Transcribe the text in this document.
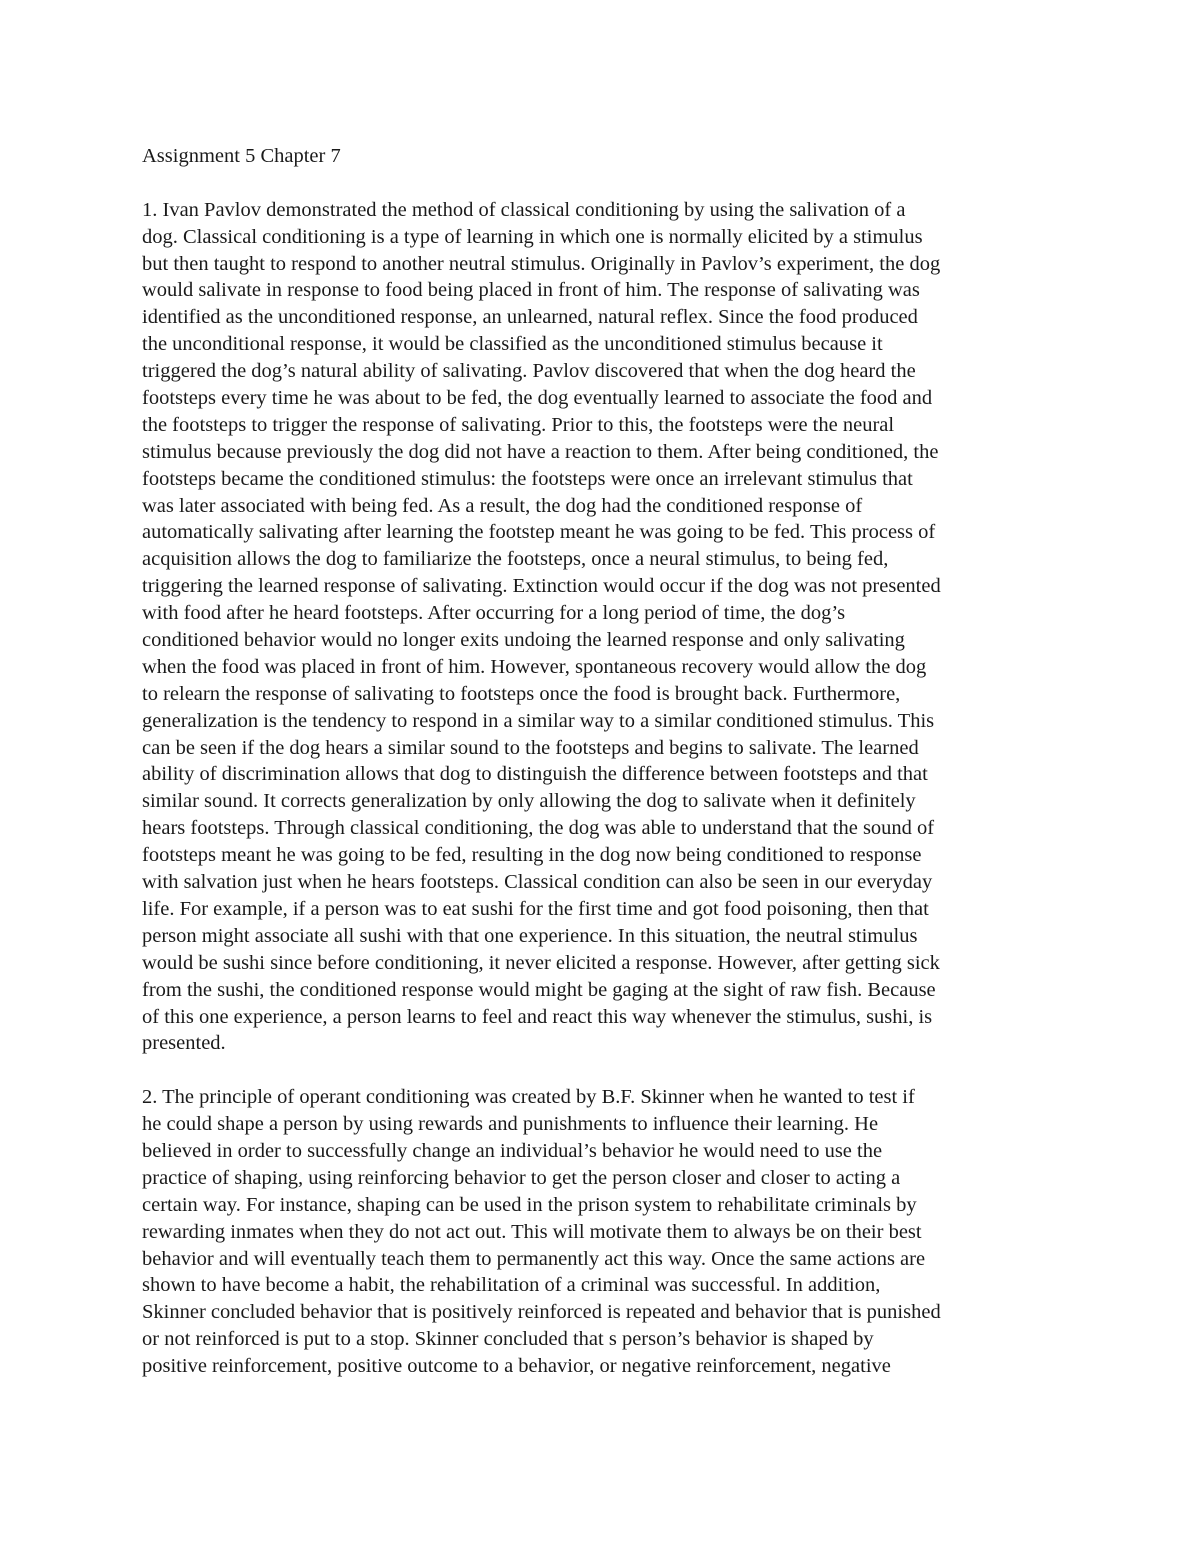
Assignment 5 Chapter 7
1. Ivan Pavlov demonstrated the method of classical conditioning by using the salivation of a
dog. Classical conditioning is a type of learning in which one is normally elicited by a stimulus
but then taught to respond to another neutral stimulus. Originally in Pavlov’s experiment, the dog
would salivate in response to food being placed in front of him. The response of salivating was
identified as the unconditioned response, an unlearned, natural reflex. Since the food produced
the unconditional response, it would be classified as the unconditioned stimulus because it
triggered the dog’s natural ability of salivating. Pavlov discovered that when the dog heard the
footsteps every time he was about to be fed, the dog eventually learned to associate the food and
the footsteps to trigger the response of salivating. Prior to this, the footsteps were the neural
stimulus because previously the dog did not have a reaction to them. After being conditioned, the
footsteps became the conditioned stimulus: the footsteps were once an irrelevant stimulus that
was later associated with being fed. As a result, the dog had the conditioned response of
automatically salivating after learning the footstep meant he was going to be fed. This process of
acquisition allows the dog to familiarize the footsteps, once a neural stimulus, to being fed,
triggering the learned response of salivating. Extinction would occur if the dog was not presented
with food after he heard footsteps. After occurring for a long period of time, the dog’s
conditioned behavior would no longer exits undoing the learned response and only salivating
when the food was placed in front of him. However, spontaneous recovery would allow the dog
to relearn the response of salivating to footsteps once the food is brought back. Furthermore,
generalization is the tendency to respond in a similar way to a similar conditioned stimulus. This
can be seen if the dog hears a similar sound to the footsteps and begins to salivate. The learned
ability of discrimination allows that dog to distinguish the difference between footsteps and that
similar sound. It corrects generalization by only allowing the dog to salivate when it definitely
hears footsteps. Through classical conditioning, the dog was able to understand that the sound of
footsteps meant he was going to be fed, resulting in the dog now being conditioned to response
with salvation just when he hears footsteps. Classical condition can also be seen in our everyday
life. For example, if a person was to eat sushi for the first time and got food poisoning, then that
person might associate all sushi with that one experience. In this situation, the neutral stimulus
would be sushi since before conditioning, it never elicited a response. However, after getting sick
from the sushi, the conditioned response would might be gaging at the sight of raw fish. Because
of this one experience, a person learns to feel and react this way whenever the stimulus, sushi, is
presented.
2. The principle of operant conditioning was created by B.F. Skinner when he wanted to test if
he could shape a person by using rewards and punishments to influence their learning. He
believed in order to successfully change an individual’s behavior he would need to use the
practice of shaping, using reinforcing behavior to get the person closer and closer to acting a
certain way. For instance, shaping can be used in the prison system to rehabilitate criminals by
rewarding inmates when they do not act out. This will motivate them to always be on their best
behavior and will eventually teach them to permanently act this way. Once the same actions are
shown to have become a habit, the rehabilitation of a criminal was successful. In addition,
Skinner concluded behavior that is positively reinforced is repeated and behavior that is punished
or not reinforced is put to a stop. Skinner concluded that s person’s behavior is shaped by
positive reinforcement, positive outcome to a behavior, or negative reinforcement, negative
